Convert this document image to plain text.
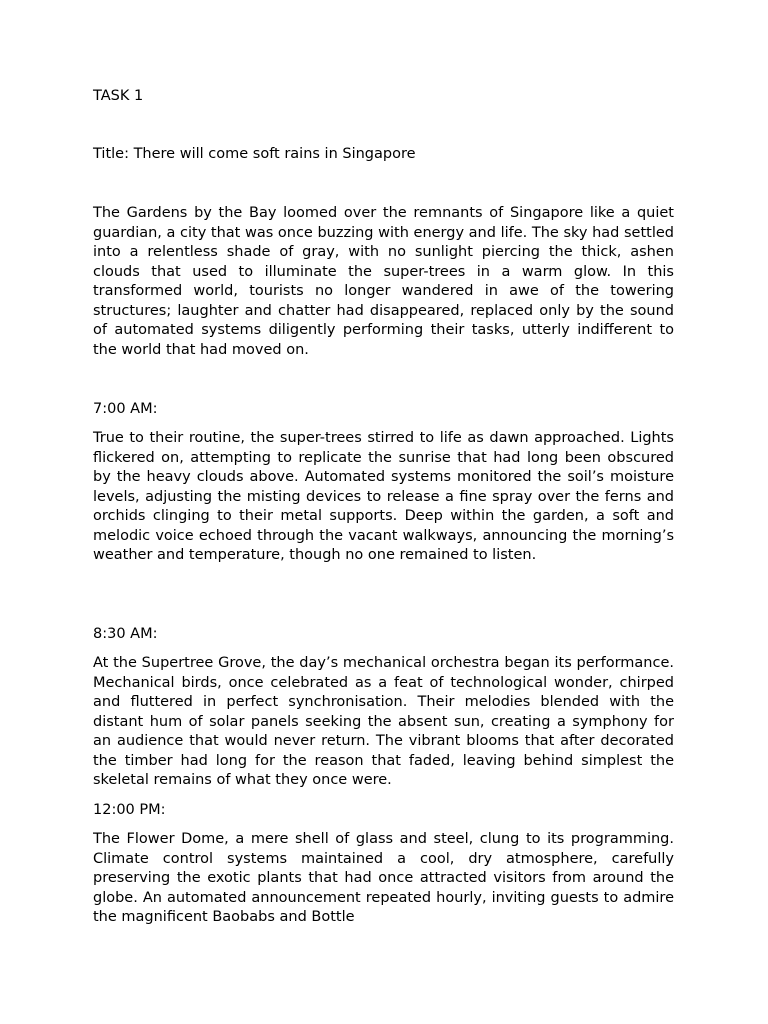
TASK 1

Title: There will come soft rains in Singapore

The Gardens by the Bay loomed over the remnants of Singapore like a quiet guardian, a city that was once buzzing with energy and life. The sky had settled into a relentless shade of gray, with no sunlight piercing the thick, ashen clouds that used to illuminate the super-trees in a warm glow. In this transformed world, tourists no longer wandered in awe of the towering structures; laughter and chatter had disappeared, replaced only by the sound of automated systems diligently performing their tasks, utterly indifferent to the world that had moved on.

7:00 AM:

True to their routine, the super-trees stirred to life as dawn approached. Lights flickered on, attempting to replicate the sunrise that had long been obscured by the heavy clouds above. Automated systems monitored the soil’s moisture levels, adjusting the misting devices to release a fine spray over the ferns and orchids clinging to their metal supports. Deep within the garden, a soft and melodic voice echoed through the vacant walkways, announcing the morning’s weather and temperature, though no one remained to listen.

8:30 AM:

At the Supertree Grove, the day’s mechanical orchestra began its performance. Mechanical birds, once celebrated as a feat of technological wonder, chirped and fluttered in perfect synchronisation. Their melodies blended with the distant hum of solar panels seeking the absent sun, creating a symphony for an audience that would never return. The vibrant blooms that after decorated the timber had long for the reason that faded, leaving behind simplest the skeletal remains of what they once were.

12:00 PM:

The Flower Dome, a mere shell of glass and steel, clung to its programming. Climate control systems maintained a cool, dry atmosphere, carefully preserving the exotic plants that had once attracted visitors from around the globe. An automated announcement repeated hourly, inviting guests to admire the magnificent Baobabs and Bottle
